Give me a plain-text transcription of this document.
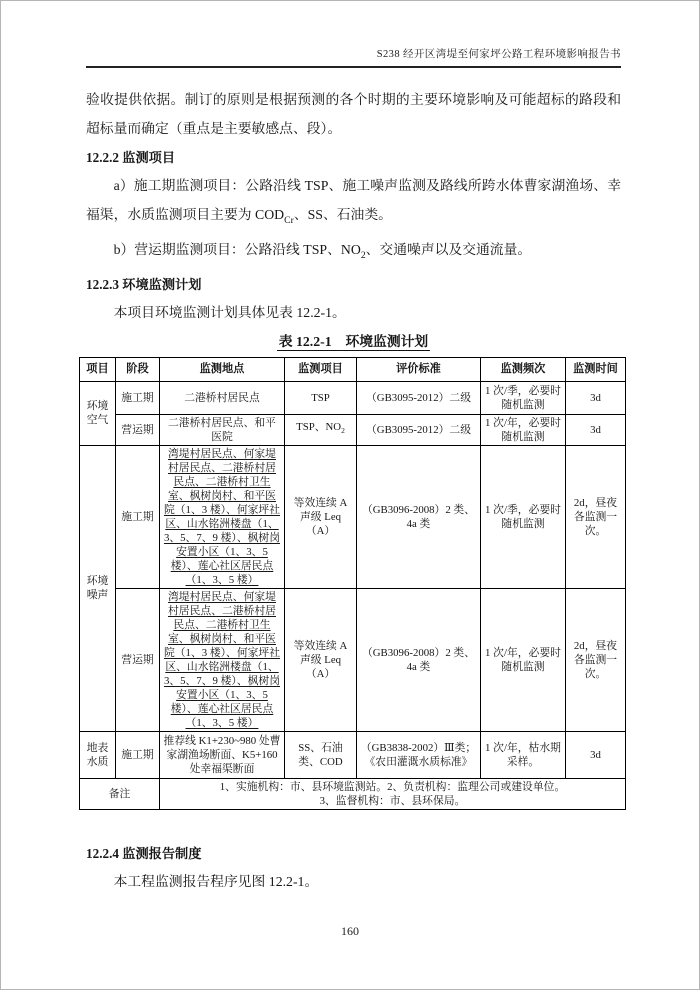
S238 经开区湾堤至何家坪公路工程环境影响报告书

验收提供依据。制订的原则是根据预测的各个时期的主要环境影响及可能超标的路段和超标量而确定（重点是主要敏感点、段）。

12.2.2 监测项目

a）施工期监测项目：公路沿线 TSP、施工噪声监测及路线所跨水体曹家湖渔场、幸福渠，水质监测项目主要为 $COD_{Cr}$、SS、石油类。

b）营运期监测项目：公路沿线 TSP、$NO_2$、交通噪声以及交通流量。

12.2.3 环境监测计划

本项目环境监测计划具体见表 12.2-1。

表 12.2-1　环境监测计划
项目	阶段	监测地点	监测项目	评价标准	监测频次	监测时间
环境空气	施工期	二港桥村居民点	TSP	（GB3095-2012）二级	1 次/季，必要时随机监测	3d
	营运期	二港桥村居民点、和平医院	TSP、$NO_2$	（GB3095-2012）二级	1 次/年，必要时随机监测	3d
环境噪声	施工期	湾堤村居民点、何家堤村居民点、二港桥村居民点、二港桥村卫生室、枫树岗村、和平医院（1、3 楼）、何家坪社区、山水铭洲楼盘（1、3、5、7、9 楼）、枫树岗安置小区（1、3、5 楼）、莲心社区居民点（1、3、5 楼）	等效连续 A 声级 Leq（A）	（GB3096-2008）2 类、4a 类	1 次/季，必要时随机监测	2d，昼夜各监测一次。
	营运期	湾堤村居民点、何家堤村居民点、二港桥村居民点、二港桥村卫生室、枫树岗村、和平医院（1、3 楼）、何家坪社区、山水铭洲楼盘（1、3、5、7、9 楼）、枫树岗安置小区（1、3、5 楼）、莲心社区居民点（1、3、5 楼）	等效连续 A 声级 Leq（A）	（GB3096-2008）2 类、4a 类	1 次/年，必要时随机监测	2d，昼夜各监测一次。
地表水质	施工期	推荐线 K1+230~980 处曹家湖渔场断面、K5+160 处幸福渠断面	SS、石油类、COD	（GB3838-2002）Ⅲ类；《农田灌溉水质标准》	1 次/年，枯水期采样。	3d
备注		1、实施机构：市、县环境监测站。2、负责机构：监理公司或建设单位。
3、监督机构：市、县环保局。				
12.2.4 监测报告制度

本工程监测报告程序见图 12.2-1。

160
